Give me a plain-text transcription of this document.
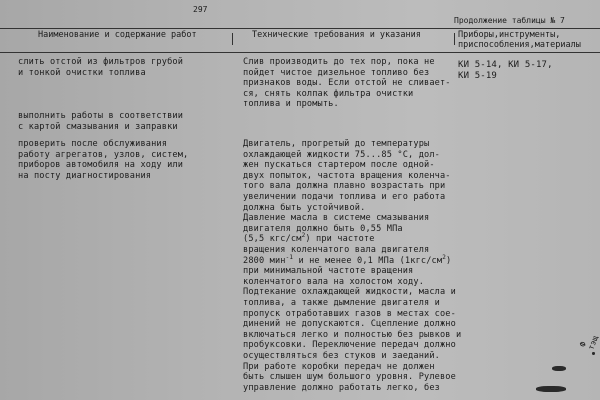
297
Продолжение таблицы № 7
Наименование и содержание работ	Технические требования и указания	Приборы,инструменты, приспособления,материалы
слить отстой из фильтров грубой
и тонкой очистки топлива
Слив производить до тех пор, пока не
пойдет чистое дизельное топливо без
признаков воды. Если отстой не сливает-
ся, снять колпак фильтра очистки
топлива и промыть.
КИ 5-14, КИ 5-17,
КИ 5-19
выполнить работы в соответствии
с картой смазывания и заправки
проверить после обслуживания
работу агрегатов, узлов, систем,
приборов автомобиля на ходу или
на посту диагностирования
Двигатель, прогретый до температуры
охлаждающей жидкости 75...85 °С, дол-
жен пускаться стартером после одной-
двух попыток, частота вращения коленча-
того вала должна плавно возрастать при
увеличении подачи топлива и его работа
должна быть устойчивой.
Давление масла в системе смазывания
двигателя должно быть 0,55 МПа
(5,5 кгс/$см^2$) при частоте
вращения коленчатого вала двигателя
2800 мин$^{-1}$ и не менее 0,1 МПа $(1кгс/см^2)$
при минимальной частоте вращения
коленчатого вала на холостом ходу.
Подтекание охлаждающей жидкости, масла и
топлива, а также дымление двигателя и
пропуск отработавших газов в местах сое-
динений не допускаются. Сцепление должно
включаться легко и полностью без рывков и
пробуксовки. Переключение передач должно
осуществляться без стуков и заеданий.
При работе коробки передач не должен
быть слышен шум большого уровня. Рулевое
управление должно работать легко, без
Ф тэщ
